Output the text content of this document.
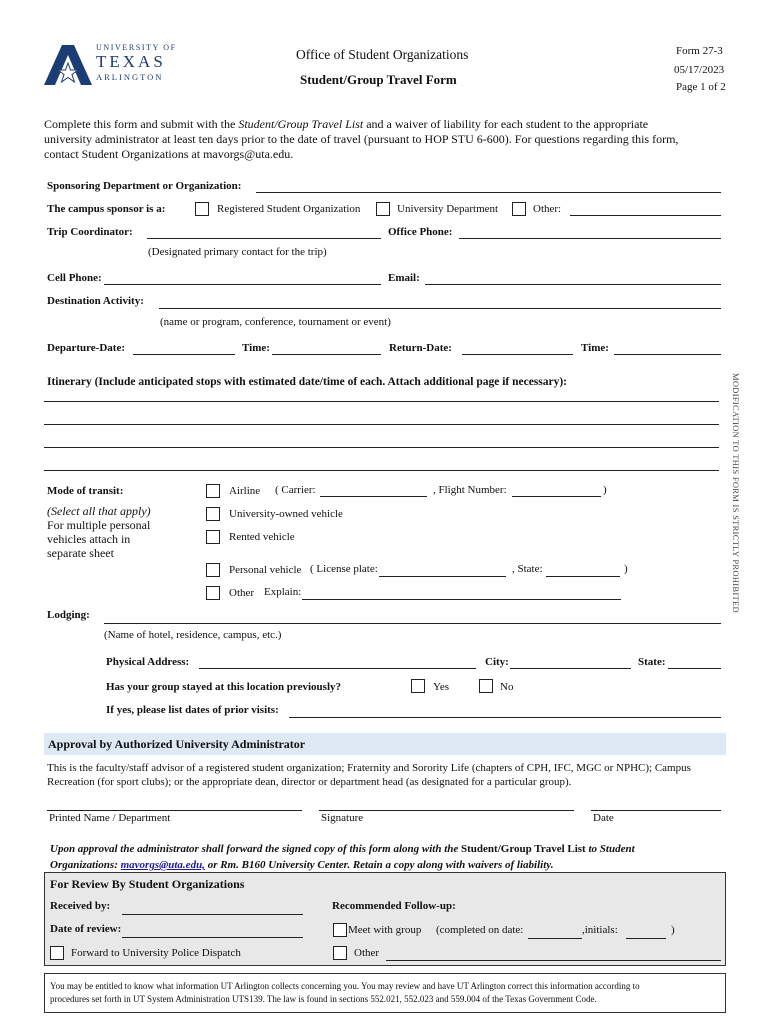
UNIVERSITY OF
TEXAS
ARLINGTON
Office of Student Organizations
Student/Group Travel Form
Form 27-3
05/17/2023
Page 1 of 2
Complete this form and submit with the Student/Group Travel List and a waiver of liability for each student to the appropriate
university administrator at least ten days prior to the date of travel (pursuant to HOP STU 6-600). For questions regarding this form,
contact Student Organizations at mavorgs@uta.edu.
Sponsoring Department or Organization:
The campus sponsor is a:	Registered Student Organization	University Department	Other:
Trip Coordinator:	Office Phone:
(Designated primary contact for the trip)
Cell Phone:	Email:
Destination Activity:
(name or program, conference, tournament or event)
Departure-Date:	Time:	Return-Date:	Time:
Itinerary (Include anticipated stops with estimated date/time of each. Attach additional page if necessary):	MODIFICATION TO THIS FORM IS STRICTLY PROHIBITED
Mode of transit:
(Select all that apply)
For multiple personal
vehicles attach in
separate sheet
Airline ( Carrier:	, Flight Number:	)
University-owned vehicle
Rented vehicle
Personal vehicle ( License plate:	, State:	)
Other Explain:
Lodging:
(Name of hotel, residence, campus, etc.)
Physical Address:	City:	State:
Has your group stayed at this location previously?	Yes	No
If yes, please list dates of prior visits:
Approval by Authorized University Administrator
This is the faculty/staff advisor of a registered student organization; Fraternity and Sorority Life (chapters of CPH, IFC, MGC or NPHC); Campus
Recreation (for sport clubs); or the appropriate dean, director or department head (as designated for a particular group).
Printed Name / Department	Signature	Date
Upon approval the administrator shall forward the signed copy of this form along with the Student/Group Travel List to Student
Organizations: mavorgs@uta.edu, or Rm. B160 University Center. Retain a copy along with waivers of liability.
For Review By Student Organizations
Received by:
Date of review:
Forward to University Police Dispatch
Recommended Follow-up:
Meet with group (completed on date:	,initials:	)
Other
You may be entitled to know what information UT Arlington collects concerning you. You may review and have UT Arlington correct this information according to
procedures set forth in UT System Administration UTS139. The law is found in sections 552.021, 552.023 and 559.004 of the Texas Government Code.
